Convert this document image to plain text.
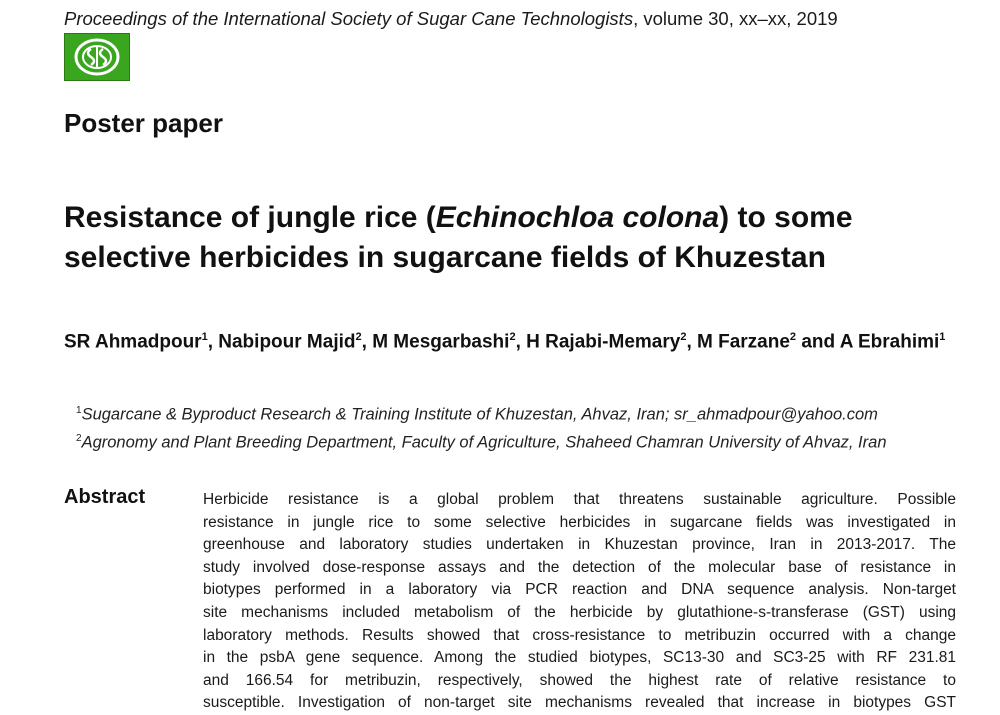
Proceedings of the International Society of Sugar Cane Technologists, volume 30, xx–xx, 2019
Poster paper
Resistance of jungle rice (Echinochloa colona) to some selective herbicides in sugarcane fields of Khuzestan
SR Ahmadpour$^1$, Nabipour Majid$^2$, M Mesgarbashi$^2$, H Rajabi-Memary$^2$, M Farzane$^2$ and A Ebrahimi$^1$
$^1$Sugarcane & Byproduct Research & Training Institute of Khuzestan, Ahvaz, Iran; sr_ahmadpour@yahoo.com
$^2$Agronomy and Plant Breeding Department, Faculty of Agriculture, Shaheed Chamran University of Ahvaz, Iran
Abstract	Herbicide resistance is a global problem that threatens sustainable agriculture. Possible
resistance in jungle rice to some selective herbicides in sugarcane fields was investigated in
greenhouse and laboratory studies undertaken in Khuzestan province, Iran in 2013-2017. The
study involved dose-response assays and the detection of the molecular base of resistance in
biotypes performed in a laboratory via PCR reaction and DNA sequence analysis. Non-target
site mechanisms included metabolism of the herbicide by glutathione-s-transferase (GST) using
laboratory methods. Results showed that cross-resistance to metribuzin occurred with a change
in the psbA gene sequence. Among the studied biotypes, SC13-30 and SC3-25 with RF 231.81
and 166.54 for metribuzin, respectively, showed the highest rate of relative resistance to
susceptible. Investigation of non-target site mechanisms revealed that increase in biotypes GST
